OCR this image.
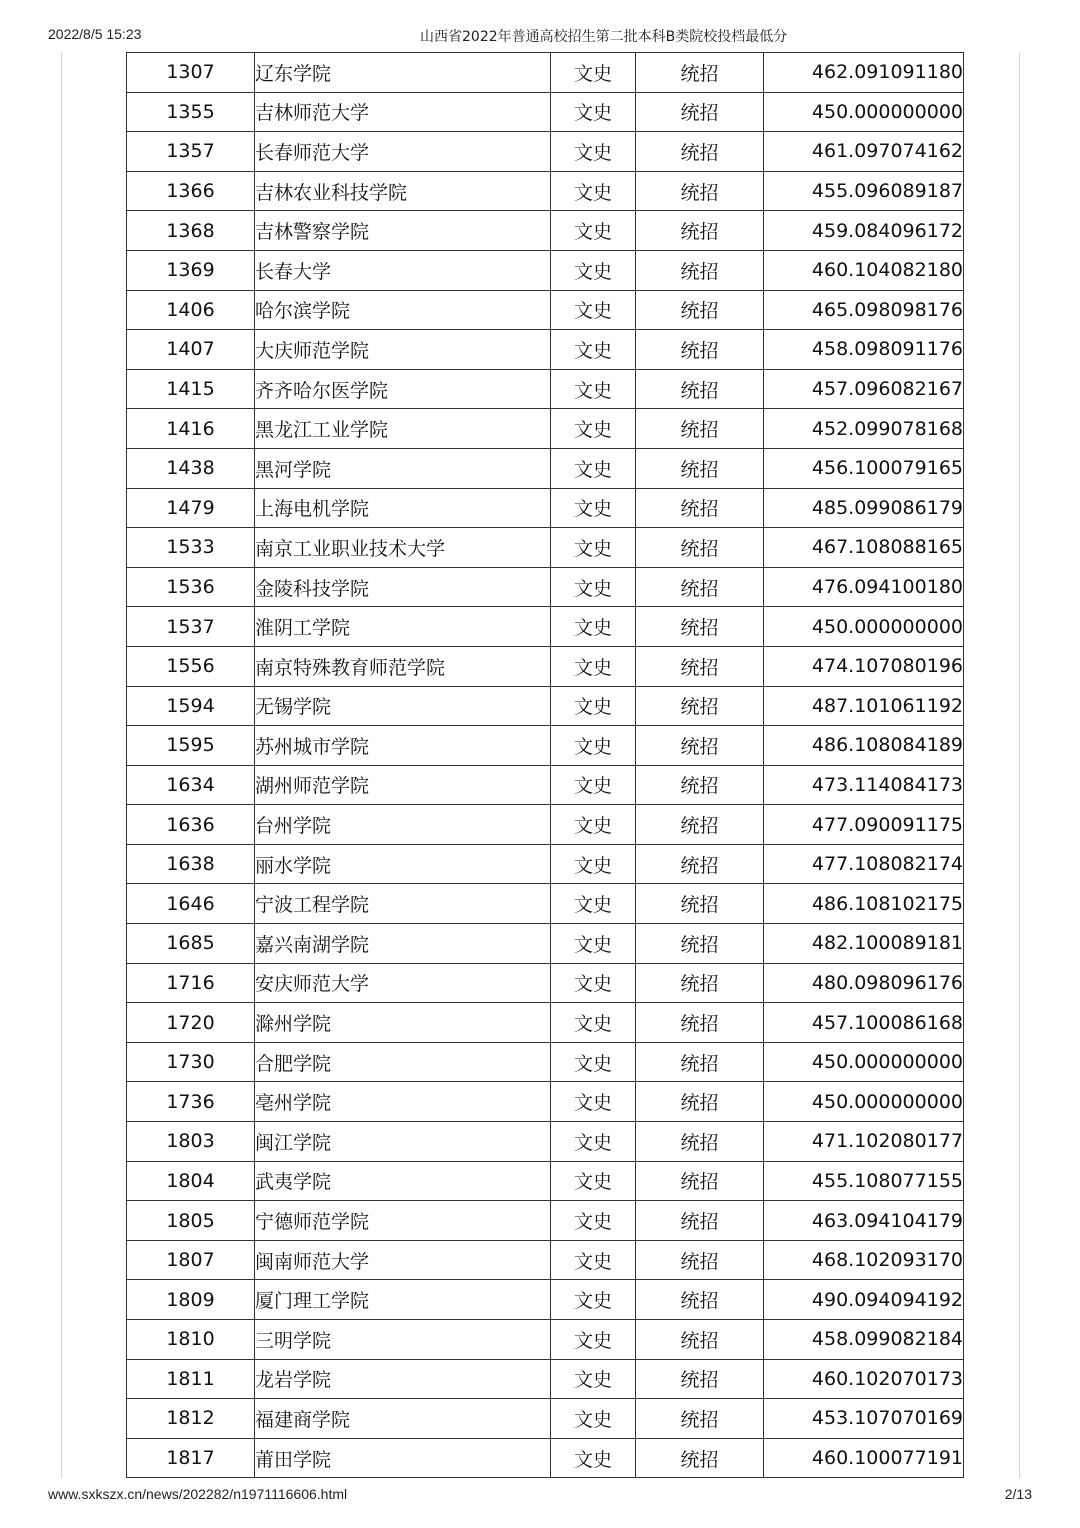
2022/8/5 15:23	山西省2022年普通高校招生第二批本科B类院校投档最低分
1307	辽东学院	文史	统招	462.091091180
1355	吉林师范大学	文史	统招	450.000000000
1357	长春师范大学	文史	统招	461.097074162
1366	吉林农业科技学院	文史	统招	455.096089187
1368	吉林警察学院	文史	统招	459.084096172
1369	长春大学	文史	统招	460.104082180
1406	哈尔滨学院	文史	统招	465.098098176
1407	大庆师范学院	文史	统招	458.098091176
1415	齐齐哈尔医学院	文史	统招	457.096082167
1416	黑龙江工业学院	文史	统招	452.099078168
1438	黑河学院	文史	统招	456.100079165
1479	上海电机学院	文史	统招	485.099086179
1533	南京工业职业技术大学	文史	统招	467.108088165
1536	金陵科技学院	文史	统招	476.094100180
1537	淮阴工学院	文史	统招	450.000000000
1556	南京特殊教育师范学院	文史	统招	474.107080196
1594	无锡学院	文史	统招	487.101061192
1595	苏州城市学院	文史	统招	486.108084189
1634	湖州师范学院	文史	统招	473.114084173
1636	台州学院	文史	统招	477.090091175
1638	丽水学院	文史	统招	477.108082174
1646	宁波工程学院	文史	统招	486.108102175
1685	嘉兴南湖学院	文史	统招	482.100089181
1716	安庆师范大学	文史	统招	480.098096176
1720	滁州学院	文史	统招	457.100086168
1730	合肥学院	文史	统招	450.000000000
1736	亳州学院	文史	统招	450.000000000
1803	闽江学院	文史	统招	471.102080177
1804	武夷学院	文史	统招	455.108077155
1805	宁德师范学院	文史	统招	463.094104179
1807	闽南师范大学	文史	统招	468.102093170
1809	厦门理工学院	文史	统招	490.094094192
1810	三明学院	文史	统招	458.099082184
1811	龙岩学院	文史	统招	460.102070173
1812	福建商学院	文史	统招	453.107070169
1817	莆田学院	文史	统招	460.100077191
www.sxkszx.cn/news/202282/n1971116606.html	2/13
